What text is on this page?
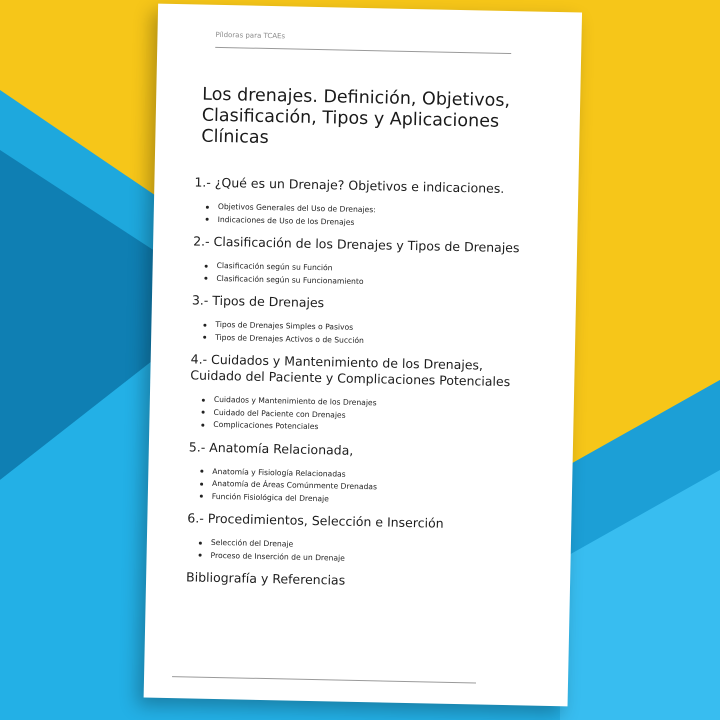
Píldoras para TCAEs
Los drenajes. Definición, Objetivos, Clasificación, Tipos y Aplicaciones Clínicas

1.- ¿Qué es un Drenaje? Objetivos e indicaciones.

Objetivos Generales del Uso de Drenajes:
Indicaciones de Uso de los Drenajes

2.- Clasificación de los Drenajes y Tipos de Drenajes

Clasificación según su Función
Clasificación según su Funcionamiento

3.- Tipos de Drenajes

Tipos de Drenajes Simples o Pasivos
Tipos de Drenajes Activos o de Succión

4.- Cuidados y Mantenimiento de los Drenajes, Cuidado del Paciente y Complicaciones Potenciales

Cuidados y Mantenimiento de los Drenajes
Cuidado del Paciente con Drenajes
Complicaciones Potenciales

5.- Anatomía Relacionada,

Anatomía y Fisiología Relacionadas
Anatomía de Áreas Comúnmente Drenadas
Función Fisiológica del Drenaje

6.- Procedimientos, Selección e Inserción

Selección del Drenaje
Proceso de Inserción de un Drenaje

Bibliografía y Referencias
